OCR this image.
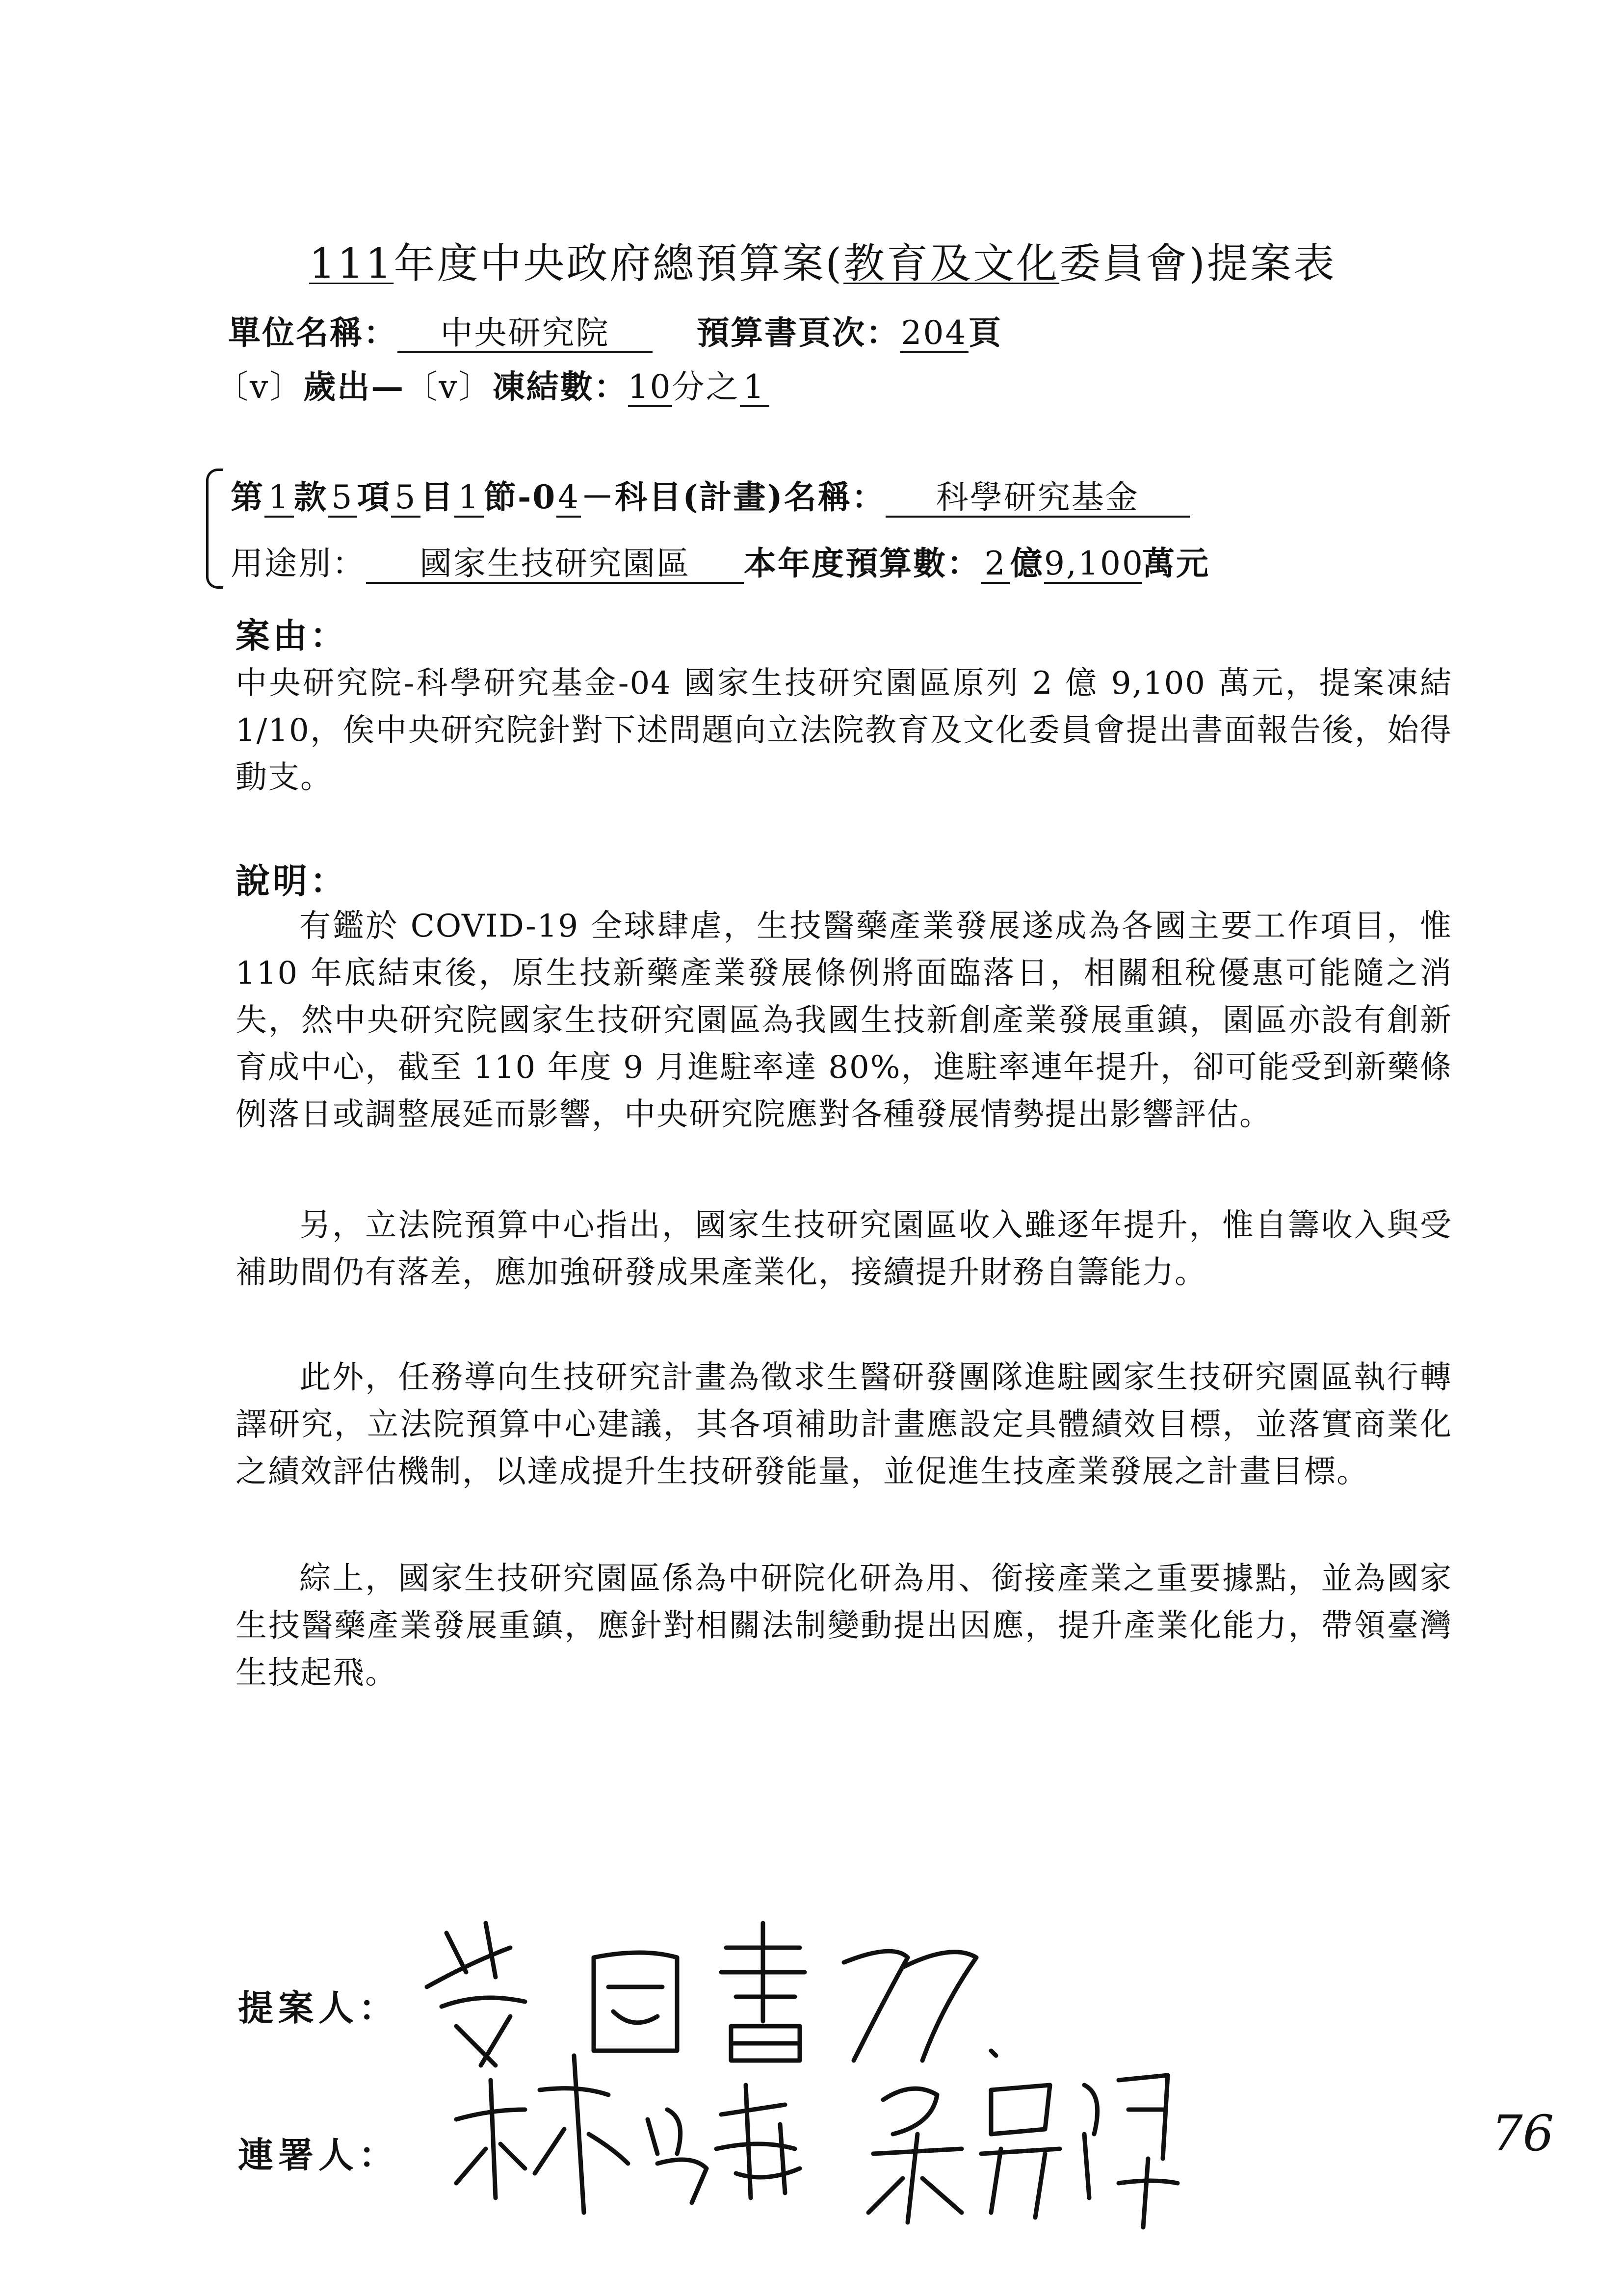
111年度中央政府總預算案(教育及文化委員會)提案表
單位名稱： 中央研究院	預算書頁次：204頁
〔v〕歲出—〔v〕凍結數：10分之 1
第 1 款 5 項 5 目 1 節-04－科目(計畫)名稱： 科學研究基金
用途別： 國家生技研究園區 本年度預算數： 2 億9,100萬元
案由：
中央研究院-科學研究基金-04 國家生技研究園區原列 2 億 9,100 萬元，提案凍結 1/10，俟中央研究院針對下述問題向立法院教育及文化委員會提出書面報告後，始得動支。
說明：
有鑑於 COVID-19 全球肆虐，生技醫藥產業發展遂成為各國主要工作項目，惟 110 年底結束後，原生技新藥產業發展條例將面臨落日，相關租稅優惠可能隨之消失，然中央研究院國家生技研究園區為我國生技新創產業發展重鎮，園區亦設有創新育成中心，截至 110 年度 9 月進駐率達 80%，進駐率連年提升，卻可能受到新藥條例落日或調整展延而影響，中央研究院應對各種發展情勢提出影響評估。
另，立法院預算中心指出，國家生技研究園區收入雖逐年提升，惟自籌收入與受補助間仍有落差，應加強研發成果產業化，接續提升財務自籌能力。
此外，任務導向生技研究計畫為徵求生醫研發團隊進駐國家生技研究園區執行轉譯研究，立法院預算中心建議，其各項補助計畫應設定具體績效目標，並落實商業化之績效評估機制，以達成提升生技研發能量，並促進生技產業發展之計畫目標。
綜上，國家生技研究園區係為中研院化研為用、銜接產業之重要據點，並為國家生技醫藥產業發展重鎮，應針對相關法制變動提出因應，提升產業化能力，帶領臺灣生技起飛。
提案人：
連署人：	76
